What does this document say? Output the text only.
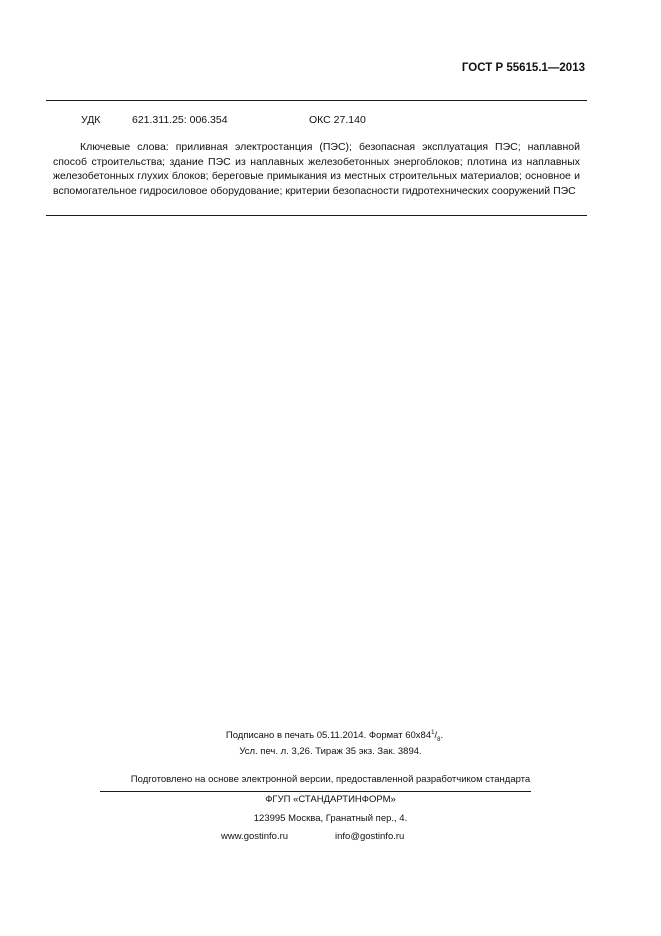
ГОСТ Р 55615.1—2013
УДК	621.311.25: 006.354	ОКС 27.140
Ключевые слова: приливная электростанция (ПЭС); безопасная эксплуатация ПЭС; наплавной способ строительства; здание ПЭС из наплавных железобетонных энергоблоков; плотина из наплавных железобетонных глухих блоков; береговые примыкания из местных строительных материалов; основное и вспомогательное гидросиловое оборудование; критерии безопасности гидротехнических сооружений ПЭС
Подписано в печать 05.11.2014. Формат $60х84^1/_8$.
Усл. печ. л. 3,26. Тираж 35 экз. Зак. 3894.
Подготовлено на основе электронной версии, предоставленной разработчиком стандарта
ФГУП «СТАНДАРТИНФОРМ»
123995 Москва, Гранатный пер., 4.
www.gostinfo.ru	info@gostinfo.ru
